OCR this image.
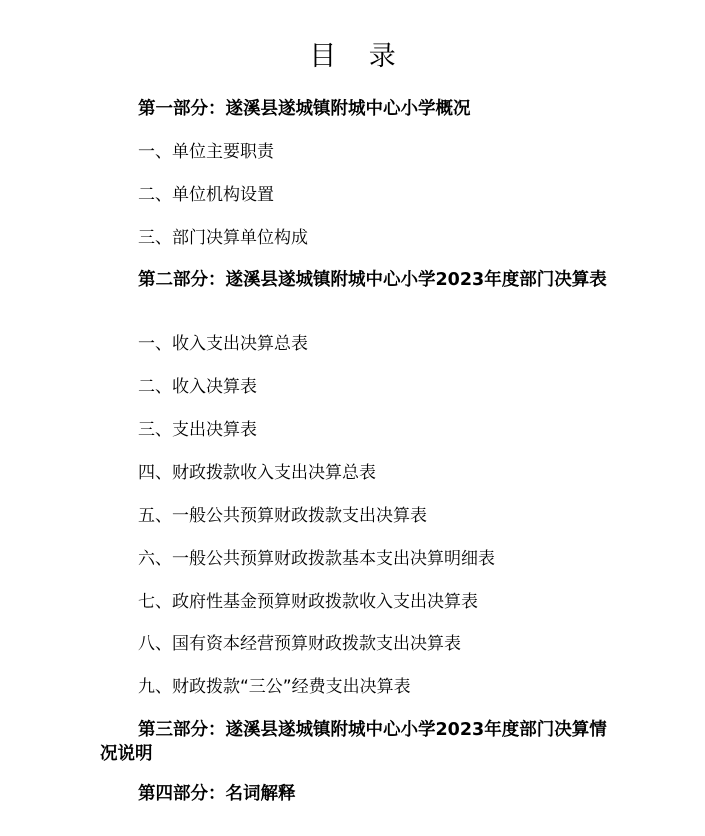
目 录
第一部分：遂溪县遂城镇附城中心小学概况
一、单位主要职责
二、单位机构设置
三、部门决算单位构成
第二部分：遂溪县遂城镇附城中心小学2023年度部门决算表
一、收入支出决算总表
二、收入决算表
三、支出决算表
四、财政拨款收入支出决算总表
五、一般公共预算财政拨款支出决算表
六、一般公共预算财政拨款基本支出决算明细表
七、政府性基金预算财政拨款收入支出决算表
八、国有资本经营预算财政拨款支出决算表
九、财政拨款“三公”经费支出决算表
第三部分：遂溪县遂城镇附城中心小学2023年度部门决算情况说明
第四部分：名词解释
